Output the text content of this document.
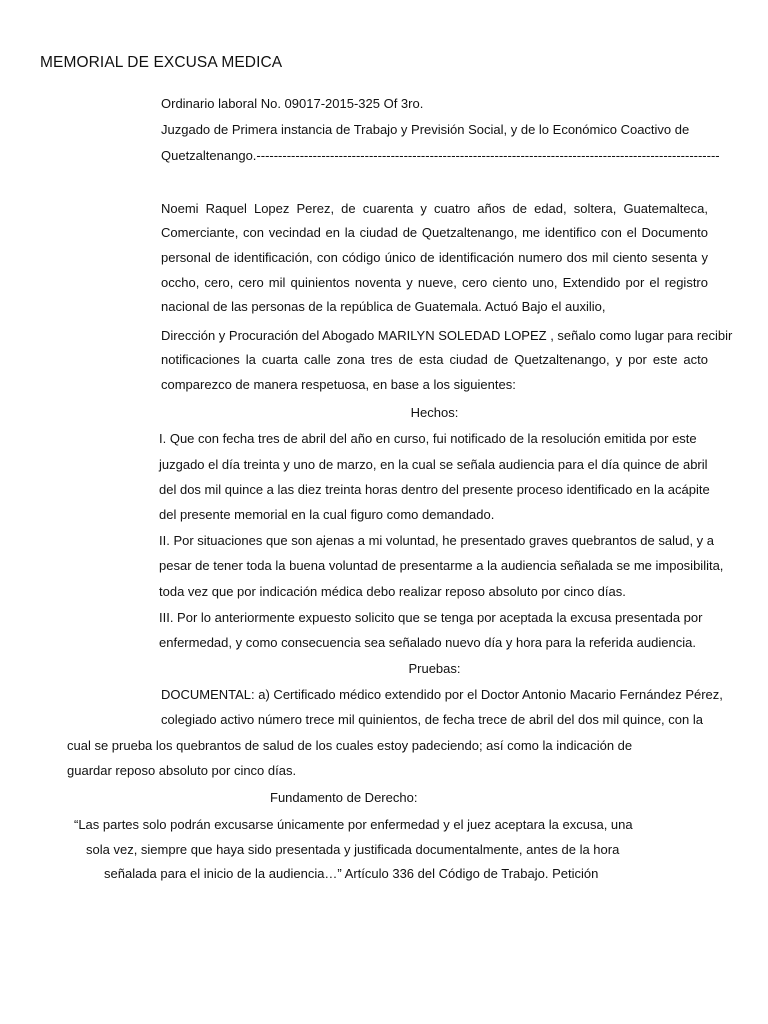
MEMORIAL DE EXCUSA MEDICA
Ordinario laboral No. 09017-2015-325 Of 3ro.
Juzgado de Primera instancia de Trabajo y Previsión Social, y de lo Económico Coactivo de
Quetzaltenango.-----------------------------------------------------------------------------------------------------------
Noemi Raquel Lopez Perez, de cuarenta y cuatro años de edad, soltera, Guatemalteca,
Comerciante, con vecindad en la ciudad de Quetzaltenango, me identifico con el Documento
personal de identificación, con código único de identificación numero dos mil ciento sesenta y
occho, cero, cero mil quinientos noventa y nueve, cero ciento uno, Extendido por el registro
nacional de las personas de la república de Guatemala. Actuó Bajo el auxilio,
Dirección y Procuración del Abogado MARILYN SOLEDAD LOPEZ , señalo como lugar para recibir
notificaciones la cuarta calle zona tres de esta ciudad de Quetzaltenango, y por este acto
comparezco de manera respetuosa, en base a los siguientes:
Hechos:
I. Que con fecha tres de abril del año en curso, fui notificado de la resolución emitida por este
juzgado el día treinta y uno de marzo, en la cual se señala audiencia para el día quince de abril
del dos mil quince a las diez treinta horas dentro del presente proceso identificado en la acápite
del presente memorial en la cual figuro como demandado.
II. Por situaciones que son ajenas a mi voluntad, he presentado graves quebrantos de salud, y a
pesar de tener toda la buena voluntad de presentarme a la audiencia señalada se me imposibilita,
toda vez que por indicación médica debo realizar reposo absoluto por cinco días.
III. Por lo anteriormente expuesto solicito que se tenga por aceptada la excusa presentada por
enfermedad, y como consecuencia sea señalado nuevo día y hora para la referida audiencia.
Pruebas:
DOCUMENTAL: a) Certificado médico extendido por el Doctor Antonio Macario Fernández Pérez,
colegiado activo número trece mil quinientos, de fecha trece de abril del dos mil quince, con la
cual se prueba los quebrantos de salud de los cuales estoy padeciendo; así como la indicación de
guardar reposo absoluto por cinco días.
Fundamento de Derecho:
“Las partes solo podrán excusarse únicamente por enfermedad y el juez aceptara la excusa, una
sola vez, siempre que haya sido presentada y justificada documentalmente, antes de la hora
señalada para el inicio de la audiencia…” Artículo 336 del Código de Trabajo. Petición
